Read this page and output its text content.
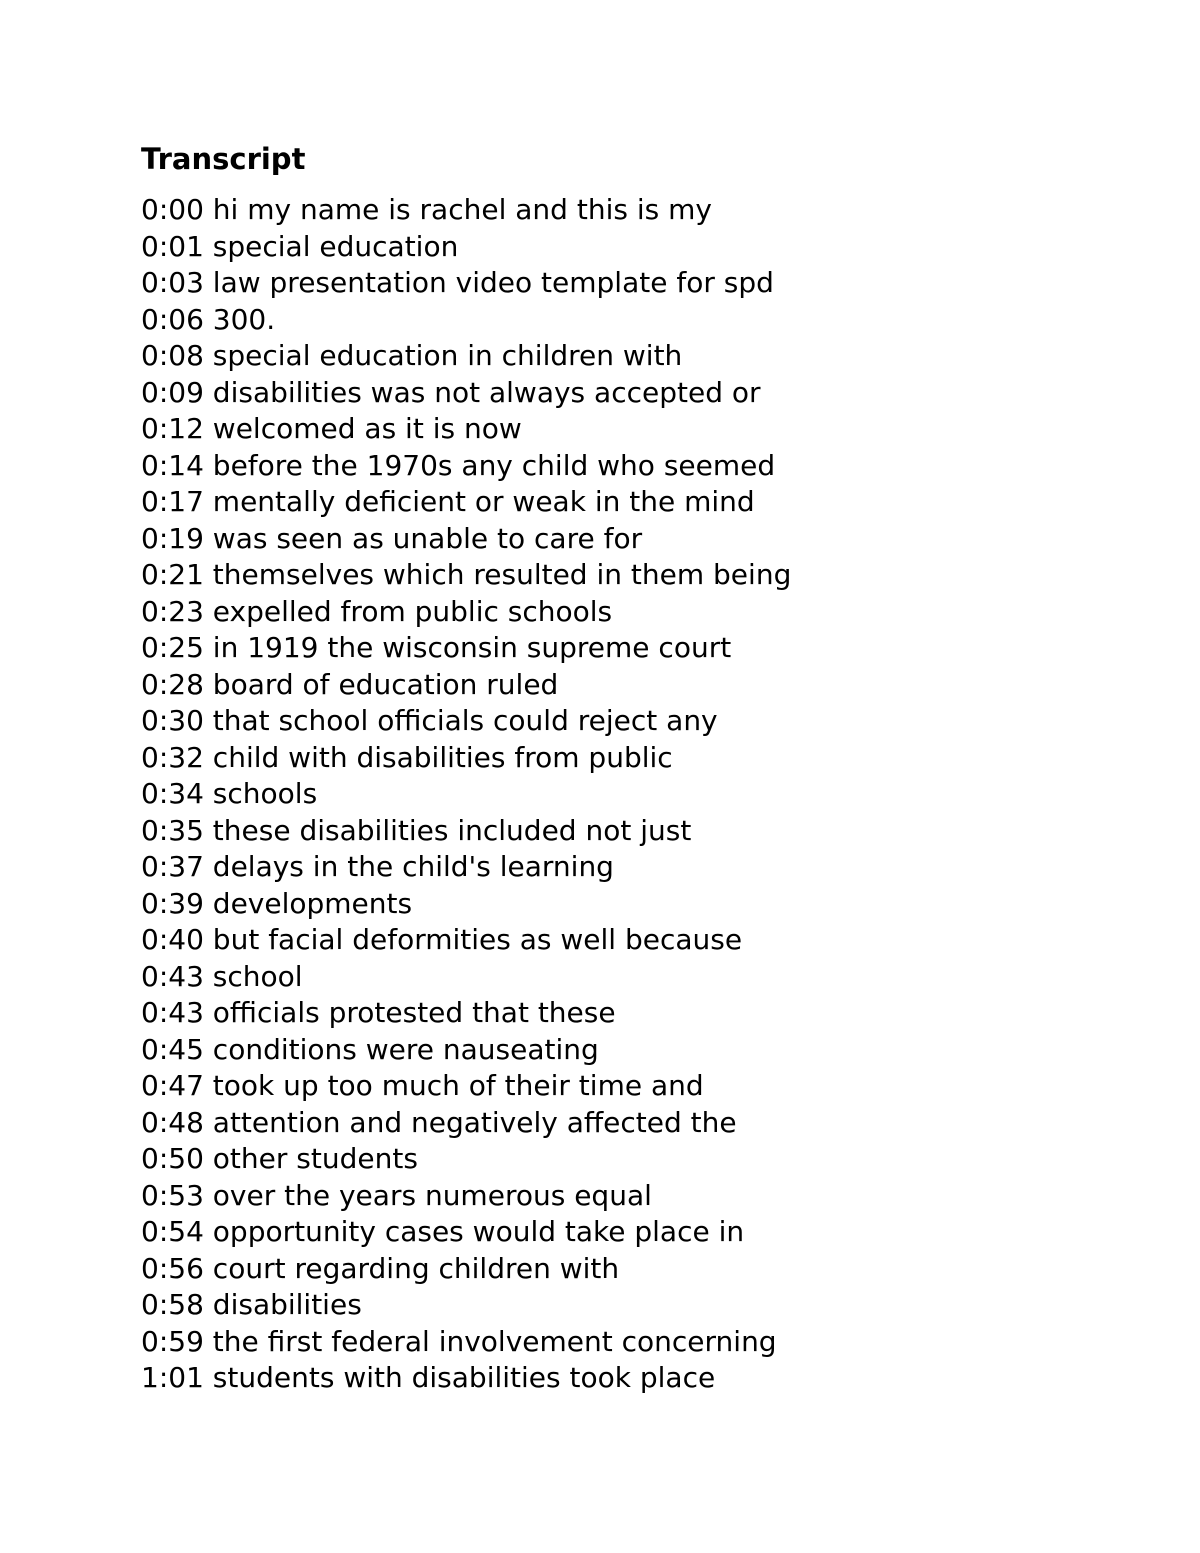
Transcript
0:00 hi my name is rachel and this is my
0:01 special education
0:03 law presentation video template for spd
0:06 300.
0:08 special education in children with
0:09 disabilities was not always accepted or
0:12 welcomed as it is now
0:14 before the 1970s any child who seemed
0:17 mentally deficient or weak in the mind
0:19 was seen as unable to care for
0:21 themselves which resulted in them being
0:23 expelled from public schools
0:25 in 1919 the wisconsin supreme court
0:28 board of education ruled
0:30 that school officials could reject any
0:32 child with disabilities from public
0:34 schools
0:35 these disabilities included not just
0:37 delays in the child's learning
0:39 developments
0:40 but facial deformities as well because
0:43 school
0:43 officials protested that these
0:45 conditions were nauseating
0:47 took up too much of their time and
0:48 attention and negatively affected the
0:50 other students
0:53 over the years numerous equal
0:54 opportunity cases would take place in
0:56 court regarding children with
0:58 disabilities
0:59 the first federal involvement concerning
1:01 students with disabilities took place
